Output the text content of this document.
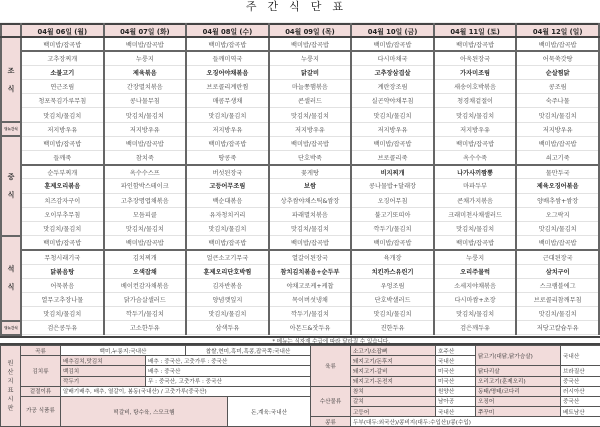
주간식단표
	04월 06일 (월)	04월 07일 (화)	04월 08일 (수)	04월 09일 (목)	04월 10일 (금)	04월 11일 (토)	04월 12일 (일)
조식	백미밥/잡곡밥	백미밥/잡곡밥	백미밥/잡곡밥	백미밥/잡곡밥	백미밥/잡곡밥	백미밥/잡곡밥	백미밥/잡곡밥
	고추장찌개	누룽지	들깨미역국	누룽지	다시마채국	아욱된장국	어묵쑥갓탕
	소불고기	제육볶음	오징어야채볶음	닭갈비	고추장삼겹살	가자미조림	순살찜닭
	연근조림	간장멸치볶음	브로콜리계란찜	마늘쫑햄볶음	계란장조림	새송이호박볶음	콩조림
	청포묵김가루무침	콩나물무침	매콤무생채	콘샐러드	실곤약야채무침	청경채겉절이	숙주나물
	맛김치/물김치	맛김치/물김치	맛김치/물김치	맛김치/물김치	맛김치/물김치	맛김치/물김치	맛김치/물김치
당뇨간식	저지방우유	저지방우유	저지방우유	저지방우유	저지방우유	저지방우유	저지방우유
중식	백미밥/잡곡밥	백미밥/잡곡밥	백미밥/잡곡밥	백미밥/잡곡밥	백미밥/잡곡밥	백미밥/잡곡밥	백미밥/잡곡밥
	들깨죽	참치죽	땅콩죽	단호박죽	브로콜리죽	옥수수죽	쇠고기죽
	순두부찌개	옥수수스프	버섯된장국	꽃게탕	비지찌개	나가사끼짬뽕	물만두국
	훈제오리볶음	파인함박스테이크	고등어무조림	보쌈	콩나물밥+달래장	마파두부	제육오징어볶음
	치즈감자구이	고추장명엽채볶음	백순대볶음	상추쌈야채스틱&쌈장	오징어무침	콘채가지볶음	양배추쌈+쌈장
	오이부추무침	모듬피클	유자청치커리	파래멸치볶음	불고기또띠아	크래미천사채샐러드	오그락지
	맛김치/물김치	맛김치/물김치	맛김치/물김치	맛김치/물김치	깍두기/물김치	맛김치/물김치	맛김치/물김치
석식	백미밥/잡곡밥	백미밥/잡곡밥	백미밥/잡곡밥	백미밥/잡곡밥	백미밥/잡곡밥	백미밥/잡곡밥	백미밥/잡곡밥
	무청시래기국	김치찌개	얼큰소고기무국	열갈이된장국	육개장	누룽지	근대된장국
	닭볶음탕	오색잡채	훈제오리단호박찜	참치김치볶음+순두부	치킨까스유린기	오리주물럭	삼치구이
	어묵볶음	베이컨감자채볶음	김자반볶음	야채고로케+케찹	우엉조림	소세지야채볶음	스크램블에그
	열무고추장나물	닭가슴살샐러드	양념깻잎지	목이버섯냉채	단호박샐러드	다시마쌈+초장	브로콜리참깨무침
	맛김치/물김치	깍두기/물김치	맛김치/물김치	깍두기/물김치	맛김치/물김치	맛김치/물김치	맛김치/물김치
당뇨간식	검은콩두유	고소한두유	삼색두유	아몬드&잣두유	진한두유	검은깨두유	저당고칼슘두유
* 메뉴는 식자재 수급에 따라 달라질 수 있습니다.
원산지표시판	곡류	백미,누룽지:국내산		찹쌀,현미,흑미,흑콩,잡곡쪽:국내산		육류	소고기/소잡뼈	호주산	닭고기(대닭,닭가슴살)	국내산
	김치류	배추김치,맛김치	배추 : 중국산, 고춧가루 : 중국산				돼지고기/돈후지	국내산		
		백김치	배추 : 중국산				돼지고기-갈비	미국산	닭다리살	브라질산
		깍두기	무 : 중국산, 고춧가루 : 중국산				돼지고기-돈전지	미국산	오리고기(훈제오리)	중국산
	겉절이류	알배기배추, 배추, 열갈이, 봄동(국내산) / 고춧가루(중국산)				수산물류	참치	원양산	동태/명태/코다리	러시아산
	가공 식품류	떡갈비, 탕수육, 스모크햄			돈,계육:국내산		갈치	남아공	오징어	중국산
							고등어	국내산	쭈꾸미	베트남산
						콩류	두부(대두:외국산)/콩비지(대두:수입산)/콩(수입)			
